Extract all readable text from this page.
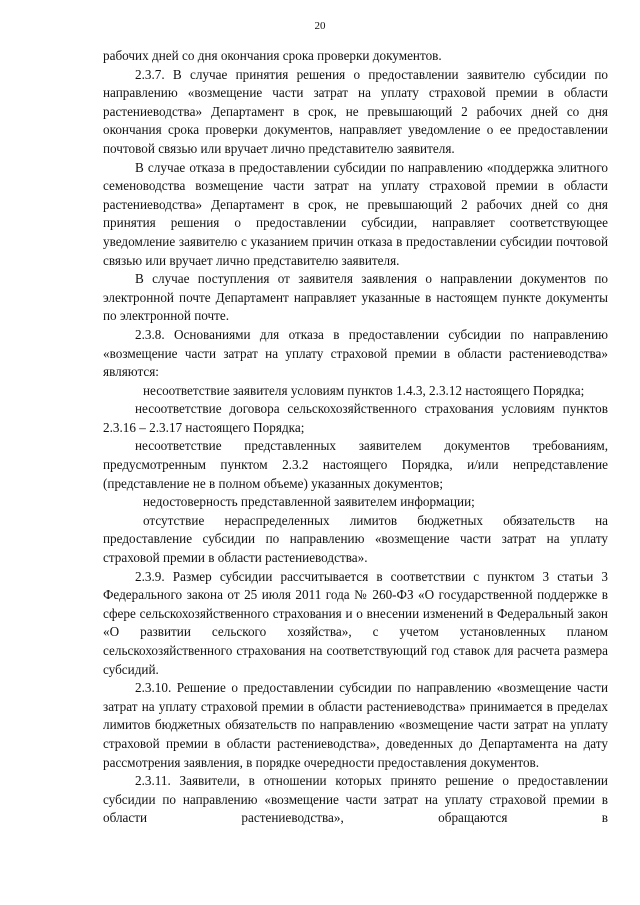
20

рабочих дней со дня окончания срока проверки документов.

2.3.7. В случае принятия решения о предоставлении заявителю субсидии по направлению «возмещение части затрат на уплату страховой премии в области растениеводства» Департамент в срок, не превышающий 2 рабочих дней со дня окончания срока проверки документов, направляет уведомление о ее предоставлении почтовой связью или вручает лично представителю заявителя.

В случае отказа в предоставлении субсидии по направлению «поддержка элитного семеноводства возмещение части затрат на уплату страховой премии в области растениеводства» Департамент в срок, не превышающий 2 рабочих дней со дня принятия решения о предоставлении субсидии, направляет соответствующее уведомление заявителю с указанием причин отказа в предоставлении субсидии почтовой связью или вручает лично представителю заявителя.

В случае поступления от заявителя заявления о направлении документов по электронной почте Департамент направляет указанные в настоящем пункте документы по электронной почте.

2.3.8. Основаниями для отказа в предоставлении субсидии по направлению «возмещение части затрат на уплату страховой премии в области растениеводства» являются:

несоответствие заявителя условиям пунктов 1.4.3, 2.3.12 настоящего Порядка;

несоответствие договора сельскохозяйственного страхования условиям пунктов 2.3.16 – 2.3.17 настоящего Порядка;

несоответствие представленных заявителем документов требованиям, предусмотренным пунктом 2.3.2 настоящего Порядка, и/или непредставление (представление не в полном объеме) указанных документов;

недостоверность представленной заявителем информации;

отсутствие нераспределенных лимитов бюджетных обязательств на предоставление субсидии по направлению «возмещение части затрат на уплату страховой премии в области растениеводства».

2.3.9. Размер субсидии рассчитывается в соответствии с пунктом 3 статьи 3 Федерального закона от 25 июля 2011 года № 260-ФЗ «О государственной поддержке в сфере сельскохозяйственного страхования и о внесении изменений в Федеральный закон «О развитии сельского хозяйства», с учетом установленных планом сельскохозяйственного страхования на соответствующий год ставок для расчета размера субсидий.

2.3.10. Решение о предоставлении субсидии по направлению «возмещение части затрат на уплату страховой премии в области растениеводства» принимается в пределах лимитов бюджетных обязательств по направлению «возмещение части затрат на уплату страховой премии в области растениеводства», доведенных до Департамента на дату рассмотрения заявления, в порядке очередности предоставления документов.

2.3.11. Заявители, в отношении которых принято решение о предоставлении субсидии по направлению «возмещение части затрат на уплату страховой премии в области растениеводства», обращаются в
